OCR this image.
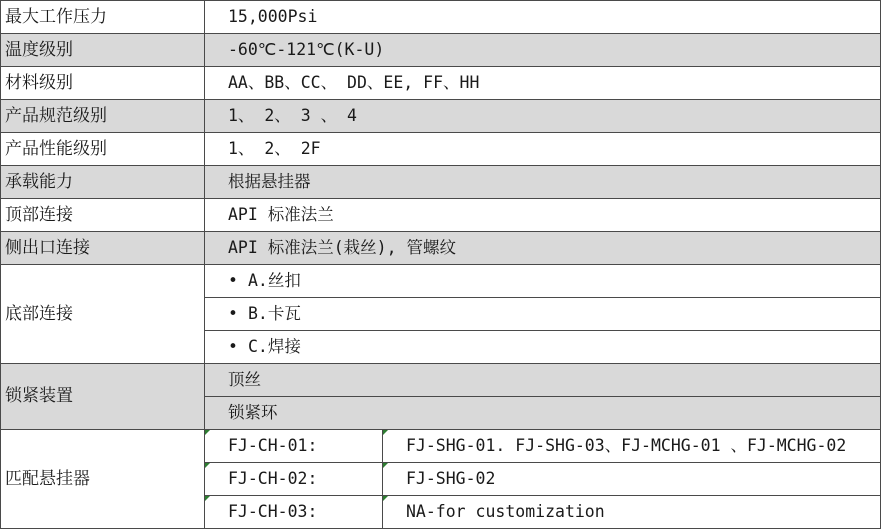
最大工作压力	15,000Psi	
温度级别	-60℃-121℃(K-U)	
材料级别	AA、BB、CC、 DD、EE, FF、HH	
产品规范级别	1、 2、 3 、 4	
产品性能级别	1、 2、 2F	
承载能力	根据悬挂器	
顶部连接	API 标准法兰	
侧出口连接	API 标准法兰(栽丝), 管螺纹	
底部连接	• A.丝扣	
	• B.卡瓦	
	• C.焊接	
锁紧装置	顶丝	
	锁紧环	
匹配悬挂器	FJ-CH-01:	FJ-SHG-01. FJ-SHG-03、FJ-MCHG-01 、FJ-MCHG-02
	FJ-CH-02:	FJ-SHG-02
	FJ-CH-03:	NA-for customization
